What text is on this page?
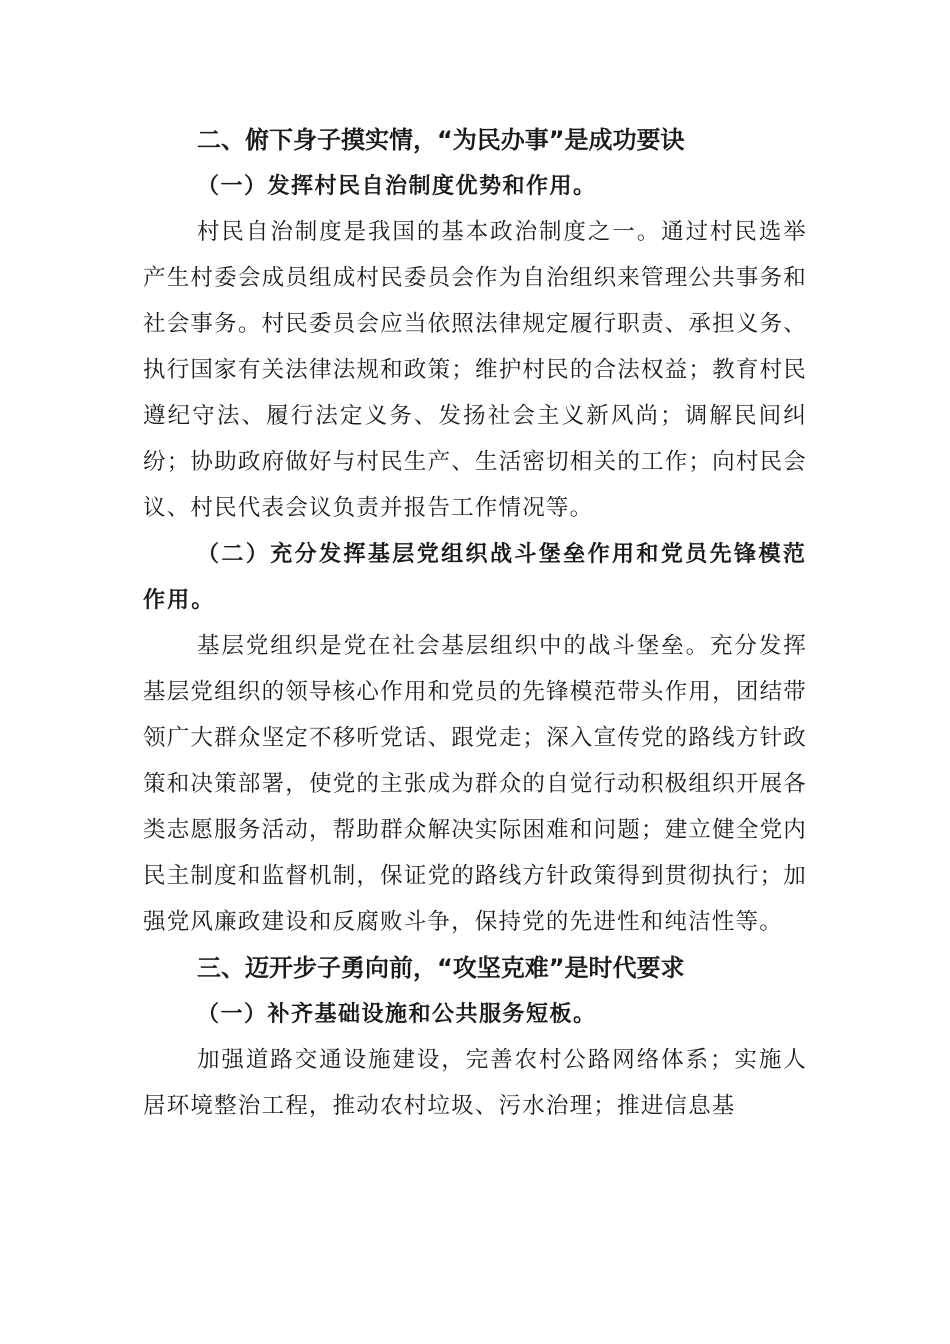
二、俯下身子摸实情，“为民办事”是成功要诀

（一）发挥村民自治制度优势和作用。

村民自治制度是我国的基本政治制度之一。通过村民选举产生村委会成员组成村民委员会作为自治组织来管理公共事务和社会事务。村民委员会应当依照法律规定履行职责、承担义务、执行国家有关法律法规和政策；维护村民的合法权益；教育村民遵纪守法、履行法定义务、发扬社会主义新风尚；调解民间纠纷；协助政府做好与村民生产、生活密切相关的工作；向村民会议、村民代表会议负责并报告工作情况等。

（二）充分发挥基层党组织战斗堡垒作用和党员先锋模范作用。

基层党组织是党在社会基层组织中的战斗堡垒。充分发挥基层党组织的领导核心作用和党员的先锋模范带头作用，团结带领广大群众坚定不移听党话、跟党走；深入宣传党的路线方针政策和决策部署，使党的主张成为群众的自觉行动积极组织开展各类志愿服务活动，帮助群众解决实际困难和问题；建立健全党内民主制度和监督机制，保证党的路线方针政策得到贯彻执行；加强党风廉政建设和反腐败斗争，保持党的先进性和纯洁性等。

三、迈开步子勇向前，“攻坚克难”是时代要求

（一）补齐基础设施和公共服务短板。

加强道路交通设施建设，完善农村公路网络体系；实施人居环境整治工程，推动农村垃圾、污水治理；推进信息基
